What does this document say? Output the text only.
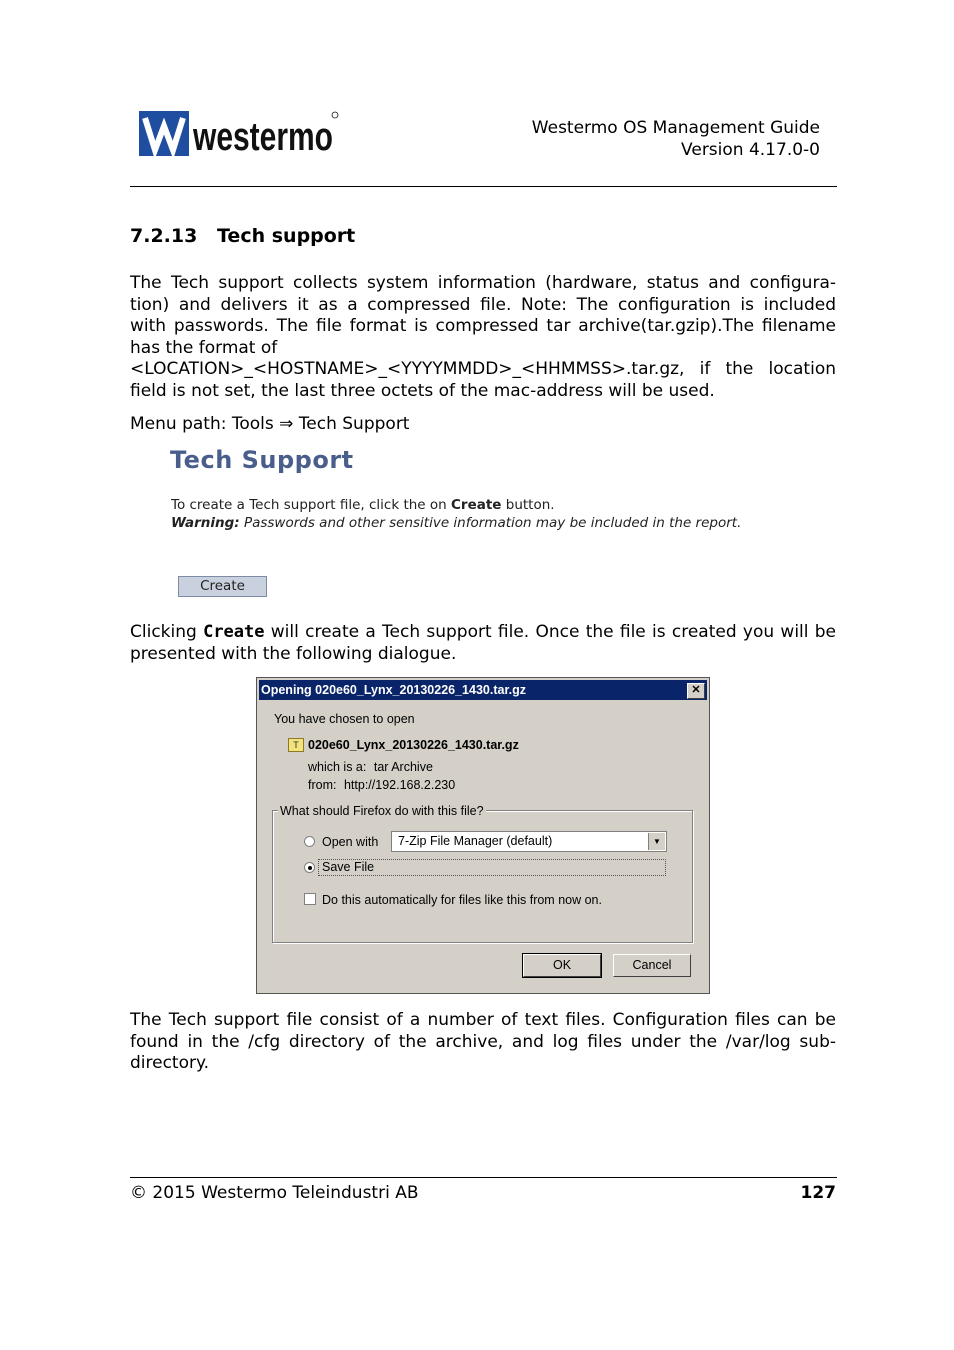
westermo	Westermo OS Management Guide
Version 4.17.0-0
7.2.13 Tech support
The Tech support collects system information (hardware, status and configura-
tion) and delivers it as a compressed file. Note: The configuration is included
with passwords. The file format is compressed tar archive(tar.gzip).The filename
has the format of
<LOCATION>_<HOSTNAME>_<YYYYMMDD>_<HHMMSS>.tar.gz, if the location
field is not set, the last three octets of the mac-address will be used.
Menu path: Tools ⇒ Tech Support
Tech Support
To create a Tech support file, click the on Create button.
Warning: Passwords and other sensitive information may be included in the report.
Create
Clicking Create will create a Tech support file. Once the file is created you will be
presented with the following dialogue.
Opening 020e60_Lynx_20130226_1430.tar.gz	✕
You have chosen to open
T 020e60_Lynx_20130226_1430.tar.gz
which is a: tar Archive
from: http://192.168.2.230
What should Firefox do with this file?
Open with	7-Zip File Manager (default)	▼
Save File
Do this automatically for files like this from now on.
OK	Cancel
The Tech support file consist of a number of text files. Configuration files can be
found in the /cfg directory of the archive, and log files under the /var/log sub-
directory.
© 2015 Westermo Teleindustri AB	127
